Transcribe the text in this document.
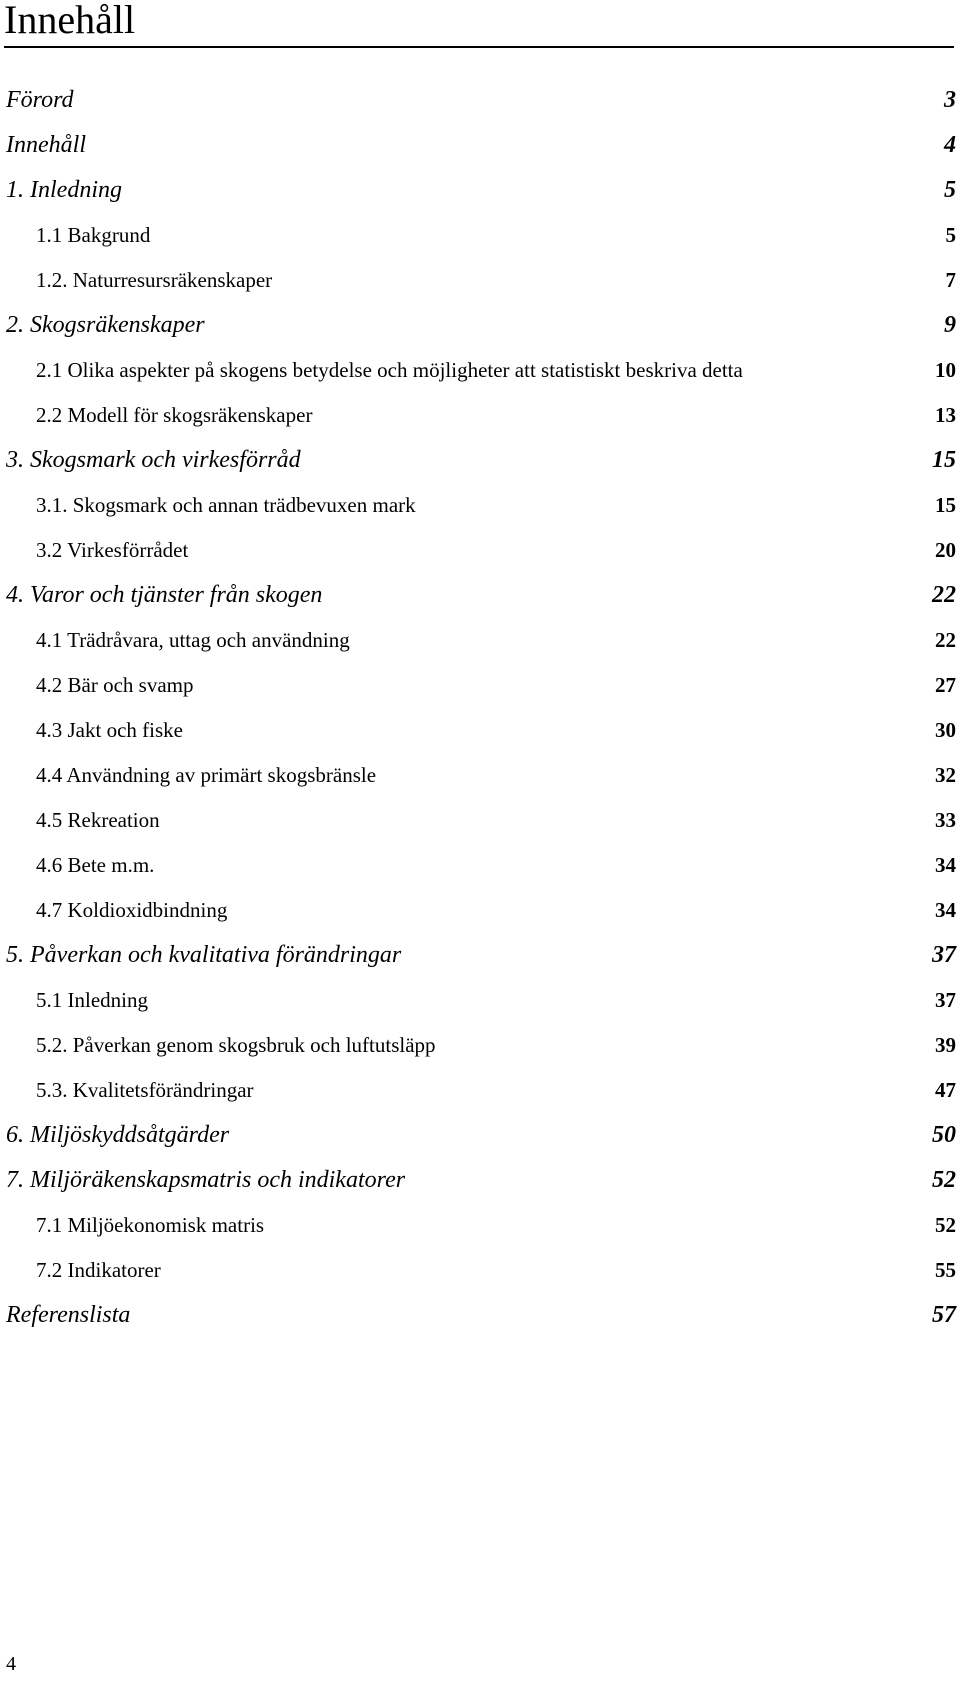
Innehåll
Förord	3
Innehåll	4
1. Inledning	5
1.1 Bakgrund	5
1.2. Naturresursräkenskaper	7
2. Skogsräkenskaper	9
2.1 Olika aspekter på skogens betydelse och möjligheter att statistiskt beskriva detta	10
2.2 Modell för skogsräkenskaper	13
3. Skogsmark och virkesförråd	15
3.1. Skogsmark och annan trädbevuxen mark	15
3.2 Virkesförrådet	20
4. Varor och tjänster från skogen	22
4.1 Trädråvara, uttag och användning	22
4.2 Bär och svamp	27
4.3 Jakt och fiske	30
4.4 Användning av primärt skogsbränsle	32
4.5 Rekreation	33
4.6 Bete m.m.	34
4.7 Koldioxidbindning	34
5. Påverkan och kvalitativa förändringar	37
5.1 Inledning	37
5.2. Påverkan genom skogsbruk och luftutsläpp	39
5.3. Kvalitetsförändringar	47
6. Miljöskyddsåtgärder	50
7. Miljöräkenskapsmatris och indikatorer	52
7.1 Miljöekonomisk matris	52
7.2 Indikatorer	55
Referenslista	57
4
